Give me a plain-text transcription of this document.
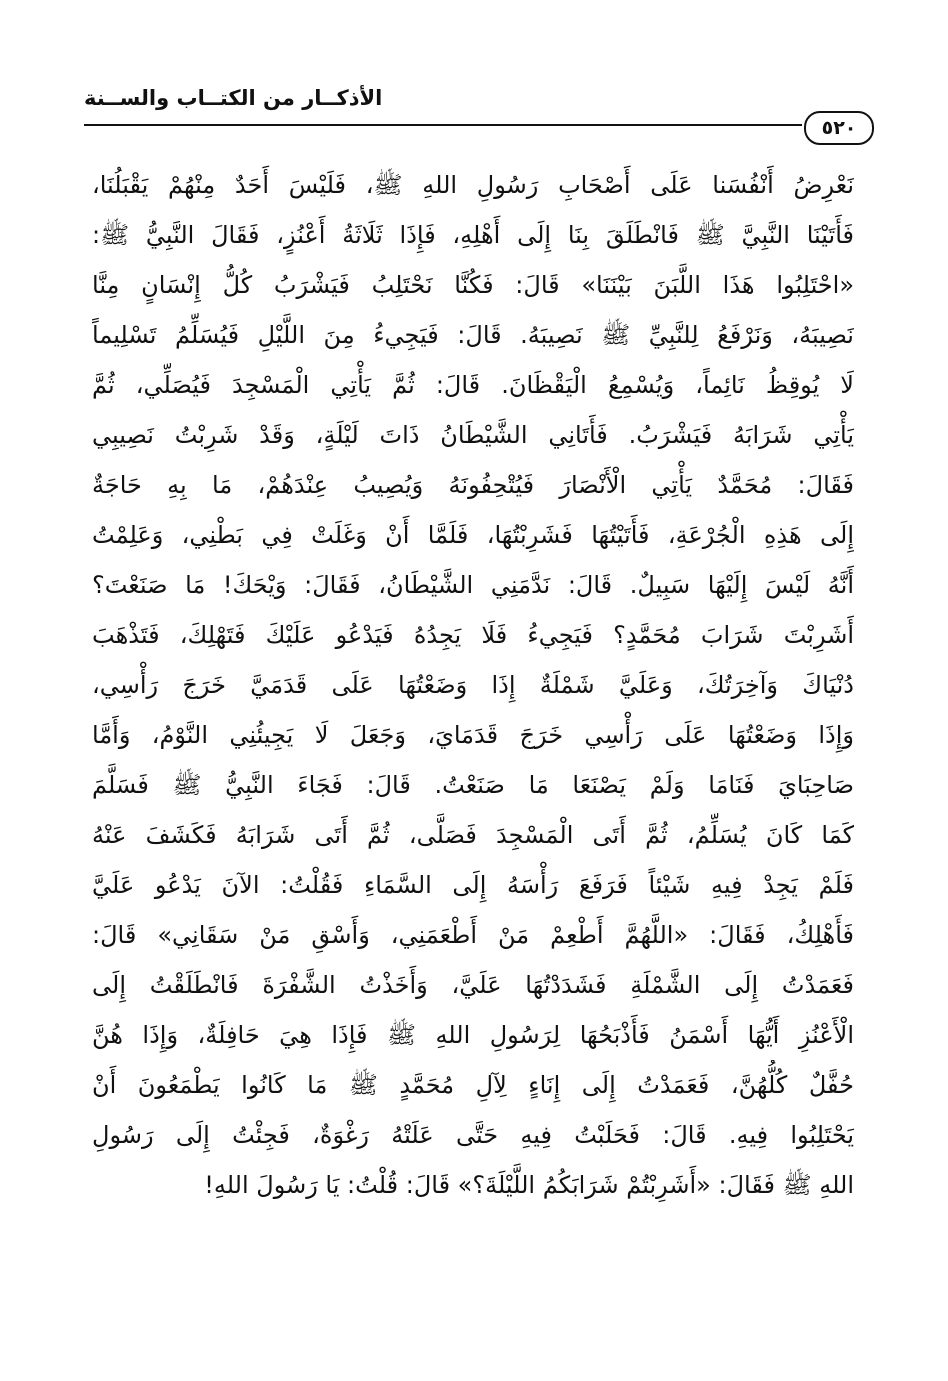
الأذكــار من الكتــاب والســنة
٥٢٠
نَعْرِضُ أَنْفُسَنا عَلَى أَصْحَابِ رَسُولِ اللهِ ﷺ، فَلَيْسَ أَحَدٌ مِنْهُمْ يَقْبَلُنَا،
فَأَتَيْنَا النَّبِيَّ ﷺ فَانْطَلَقَ بِنَا إِلَى أَهْلِهِ، فَإِذَا ثَلَاثَةُ أَعْنُزٍ، فَقَالَ النَّبِيُّ ﷺ:
«احْتَلِبُوا هَذَا اللَّبَنَ بَيْنَنَا» قَالَ: فَكُنَّا نَحْتَلِبُ فَيَشْرَبُ كُلُّ إِنْسَانٍ مِنَّا
نَصِيبَهُ، وَنَرْفَعُ لِلنَّبِيِّ ﷺ نَصِيبَهُ. قَالَ: فَيَجِيءُ مِنَ اللَّيْلِ فَيُسَلِّمُ تَسْلِيماً
لَا يُوقِظُ نَائِماً، وَيُسْمِعُ الْيَقْظَانَ. قَالَ: ثُمَّ يَأْتِي الْمَسْجِدَ فَيُصَلِّي، ثُمَّ
يَأْتِي شَرَابَهُ فَيَشْرَبُ. فَأَتَانِي الشَّيْطَانُ ذَاتَ لَيْلَةٍ، وَقَدْ شَرِبْتُ نَصِيبِي
فَقَالَ: مُحَمَّدٌ يَأْتِي الْأَنْصَارَ فَيُتْحِفُونَهُ وَيُصِيبُ عِنْدَهُمْ، مَا بِهِ حَاجَةٌ
إِلَى هَذِهِ الْجُرْعَةِ، فَأَتَيْتُهَا فَشَرِبْتُهَا، فَلَمَّا أَنْ وَغَلَتْ فِي بَطْنِي، وَعَلِمْتُ
أَنَّهُ لَيْسَ إِلَيْهَا سَبِيلٌ. قَالَ: نَدَّمَنِي الشَّيْطَانُ، فَقَالَ: وَيْحَكَ! مَا صَنَعْتَ؟
أَشَرِبْتَ شَرَابَ مُحَمَّدٍ؟ فَيَجِيءُ فَلَا يَجِدُهُ فَيَدْعُو عَلَيْكَ فَتَهْلِكَ، فَتَذْهَبَ
دُنْيَاكَ وَآخِرَتُكَ، وَعَلَيَّ شَمْلَةٌ إِذَا وَضَعْتُهَا عَلَى قَدَمَيَّ خَرَجَ رَأْسِي،
وَإِذَا وَضَعْتُهَا عَلَى رَأْسِي خَرَجَ قَدَمَايَ، وَجَعَلَ لَا يَجِيئُنِي النَّوْمُ، وَأَمَّا
صَاحِبَايَ فَنَامَا وَلَمْ يَصْنَعَا مَا صَنَعْتُ. قَالَ: فَجَاءَ النَّبِيُّ ﷺ فَسَلَّمَ
كَمَا كَانَ يُسَلِّمُ، ثُمَّ أَتَى الْمَسْجِدَ فَصَلَّى، ثُمَّ أَتَى شَرَابَهُ فَكَشَفَ عَنْهُ
فَلَمْ يَجِدْ فِيهِ شَيْئاً فَرَفَعَ رَأْسَهُ إِلَى السَّمَاءِ فَقُلْتُ: الآنَ يَدْعُو عَلَيَّ
فَأَهْلِكُ، فَقَالَ: «اللَّهُمَّ أَطْعِمْ مَنْ أَطْعَمَنِي، وَأَسْقِ مَنْ سَقَانِي» قَالَ:
فَعَمَدْتُ إِلَى الشَّمْلَةِ فَشَدَدْتُهَا عَلَيَّ، وَأَخَذْتُ الشَّفْرَةَ فَانْطَلَقْتُ إِلَى
الْأَعْنُزِ أَيُّهَا أَسْمَنُ فَأَذْبَحُهَا لِرَسُولِ اللهِ ﷺ فَإِذَا هِيَ حَافِلَةٌ، وَإِذَا هُنَّ
حُفَّلٌ كُلُّهُنَّ، فَعَمَدْتُ إِلَى إِنَاءٍ لِآلِ مُحَمَّدٍ ﷺ مَا كَانُوا يَطْمَعُونَ أَنْ
يَحْتَلِبُوا فِيهِ. قَالَ: فَحَلَبْتُ فِيهِ حَتَّى عَلَتْهُ رَغْوَةٌ، فَجِئْتُ إِلَى رَسُولِ
اللهِ ﷺ فَقَالَ: «أَشَرِبْتُمْ شَرَابَكُمُ اللَّيْلَةَ؟» قَالَ: قُلْتُ: يَا رَسُولَ اللهِ!
